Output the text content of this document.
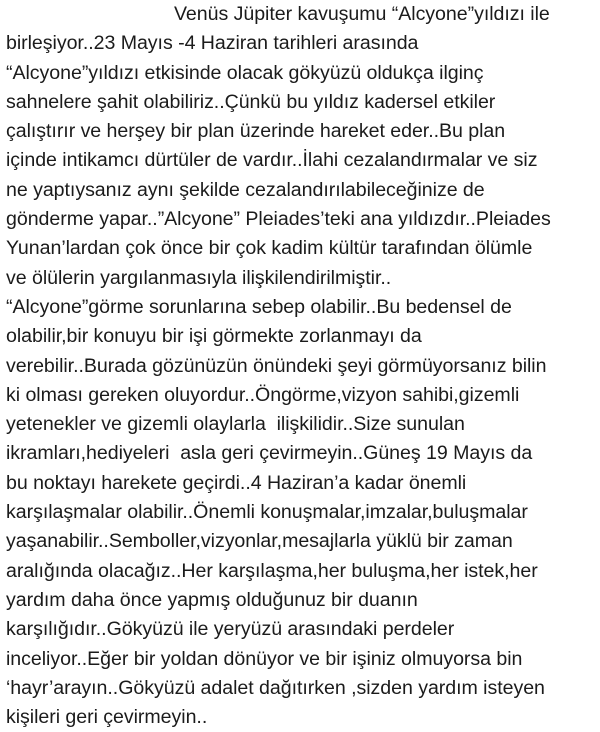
Venüs Jüpiter kavuşumu “Alcyone”yıldızı ile
birleşiyor..23 Mayıs -4 Haziran tarihleri arasında
“Alcyone”yıldızı etkisinde olacak gökyüzü oldukça ilginç
sahnelere şahit olabiliriz..Çünkü bu yıldız kadersel etkiler
çalıştırır ve herşey bir plan üzerinde hareket eder..Bu plan
içinde intikamcı dürtüler de vardır..İlahi cezalandırmalar ve siz
ne yaptıysanız aynı şekilde cezalandırılabileceğinize de
gönderme yapar..”Alcyone” Pleiades’teki ana yıldızdır..Pleiades
Yunan’lardan çok önce bir çok kadim kültür tarafından ölümle
ve ölülerin yargılanmasıyla ilişkilendirilmiştir..
“Alcyone”görme sorunlarına sebep olabilir..Bu bedensel de
olabilir,bir konuyu bir işi görmekte zorlanmayı da
verebilir..Burada gözünüzün önündeki şeyi görmüyorsanız bilin
ki olması gereken oluyordur..Öngörme,vizyon sahibi,gizemli
yetenekler ve gizemli olaylarla  ilişkilidir..Size sunulan
ikramları,hediyeleri  asla geri çevirmeyin..Güneş 19 Mayıs da
bu noktayı harekete geçirdi..4 Haziran’a kadar önemli
karşılaşmalar olabilir..Önemli konuşmalar,imzalar,buluşmalar
yaşanabilir..Semboller,vizyonlar,mesajlarla yüklü bir zaman
aralığında olacağız..Her karşılaşma,her buluşma,her istek,her
yardım daha önce yapmış olduğunuz bir duanın
karşılığıdır..Gökyüzü ile yeryüzü arasındaki perdeler
inceliyor..Eğer bir yoldan dönüyor ve bir işiniz olmuyorsa bin
‘hayr’arayın..Gökyüzü adalet dağıtırken ,sizden yardım isteyen
kişileri geri çevirmeyin..
